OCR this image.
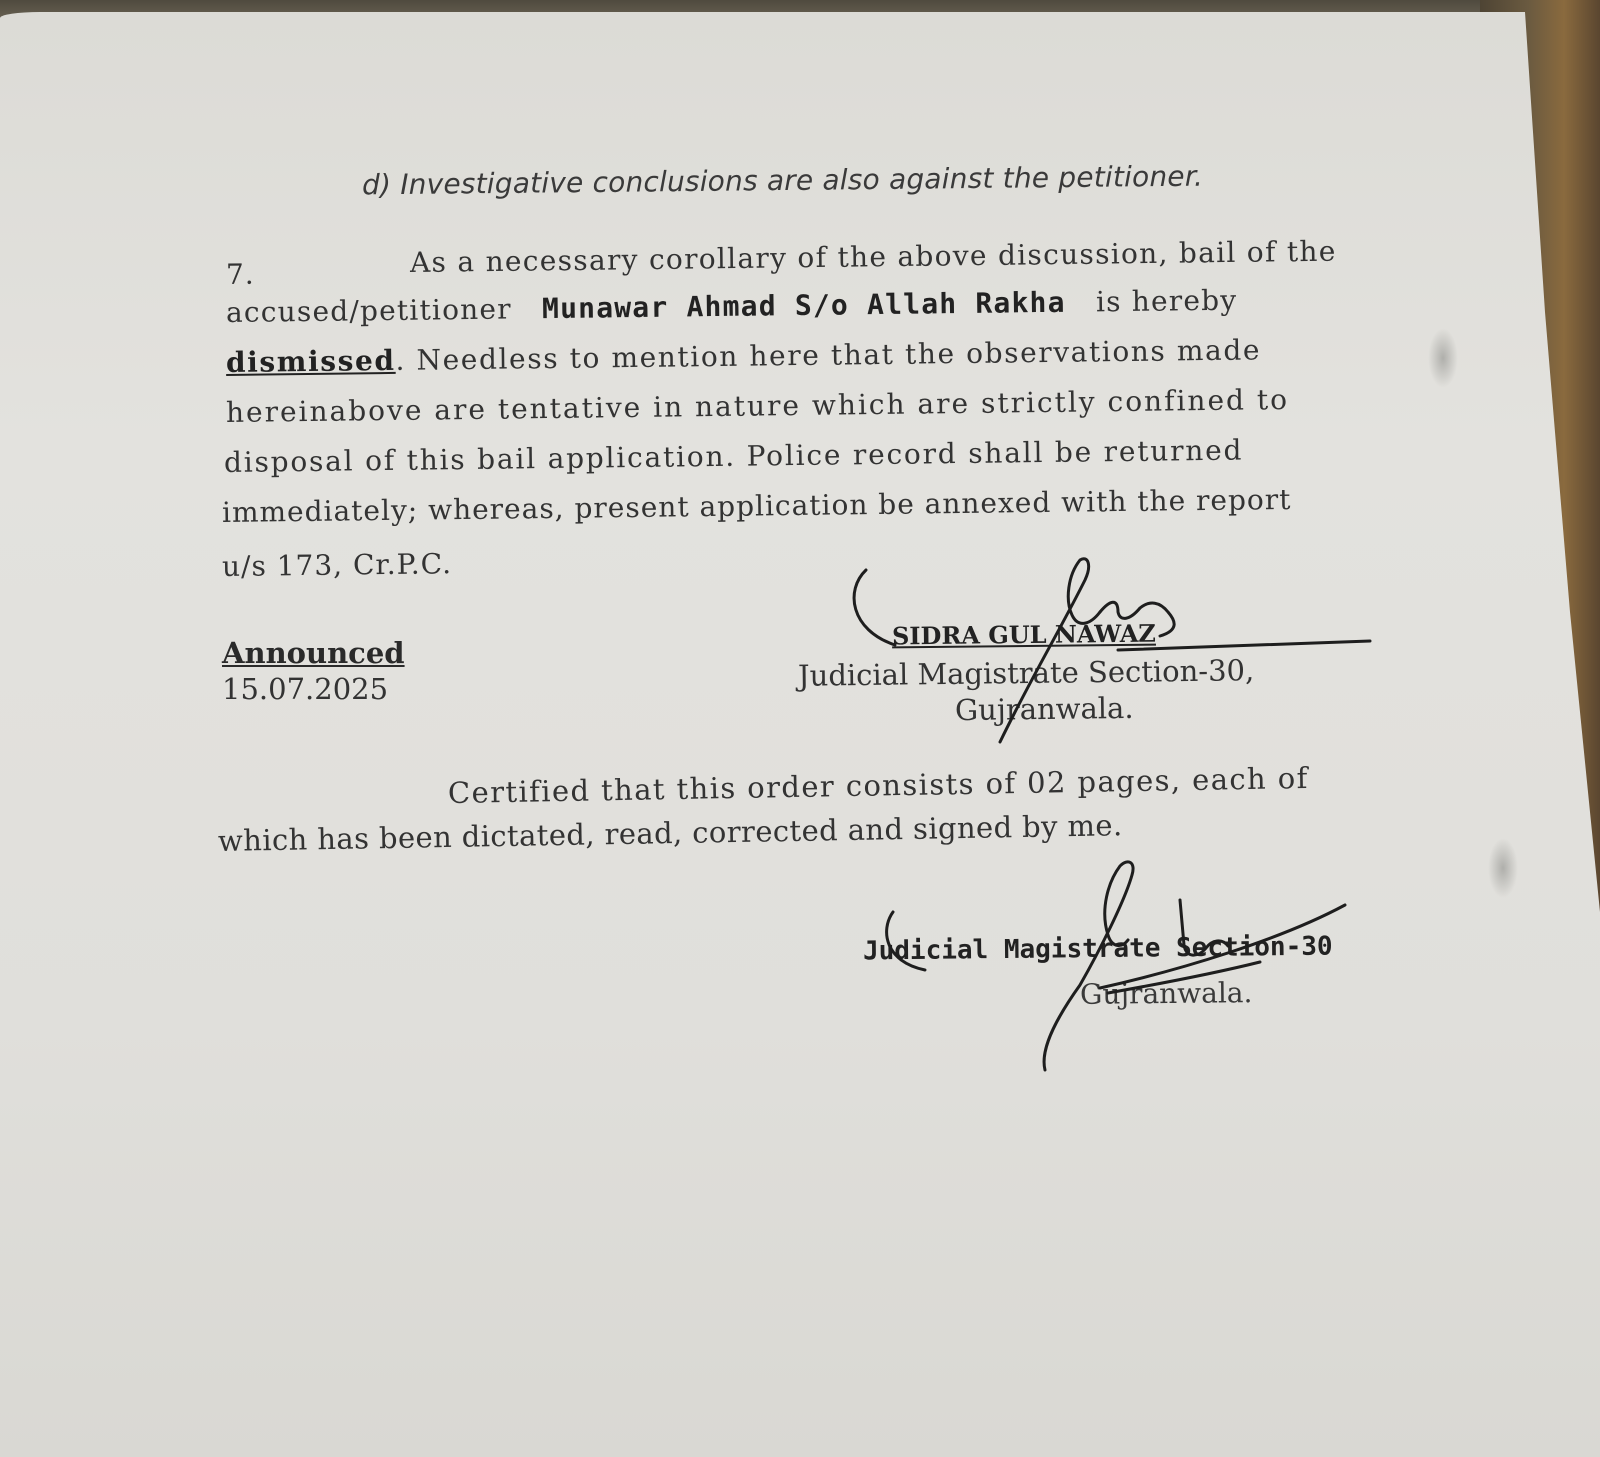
d) Investigative conclusions are also against the petitioner.
7.	As a necessary corollary of the above discussion, bail of the
accused/petitioner Munawar Ahmad S/o Allah Rakha is hereby
dismissed. Needless to mention here that the observations made
hereinabove are tentative in nature which are strictly confined to
disposal of this bail application. Police record shall be returned
immediately; whereas, present application be annexed with the report
u/s 173, Cr.P.C.
Announced
15.07.2025
SIDRA GUL NAWAZ
Judicial Magistrate Section-30,
Gujranwala.
Certified that this order consists of 02 pages, each of
which has been dictated, read, corrected and signed by me.
Judicial Magistrate Section-30
Gujranwala.
